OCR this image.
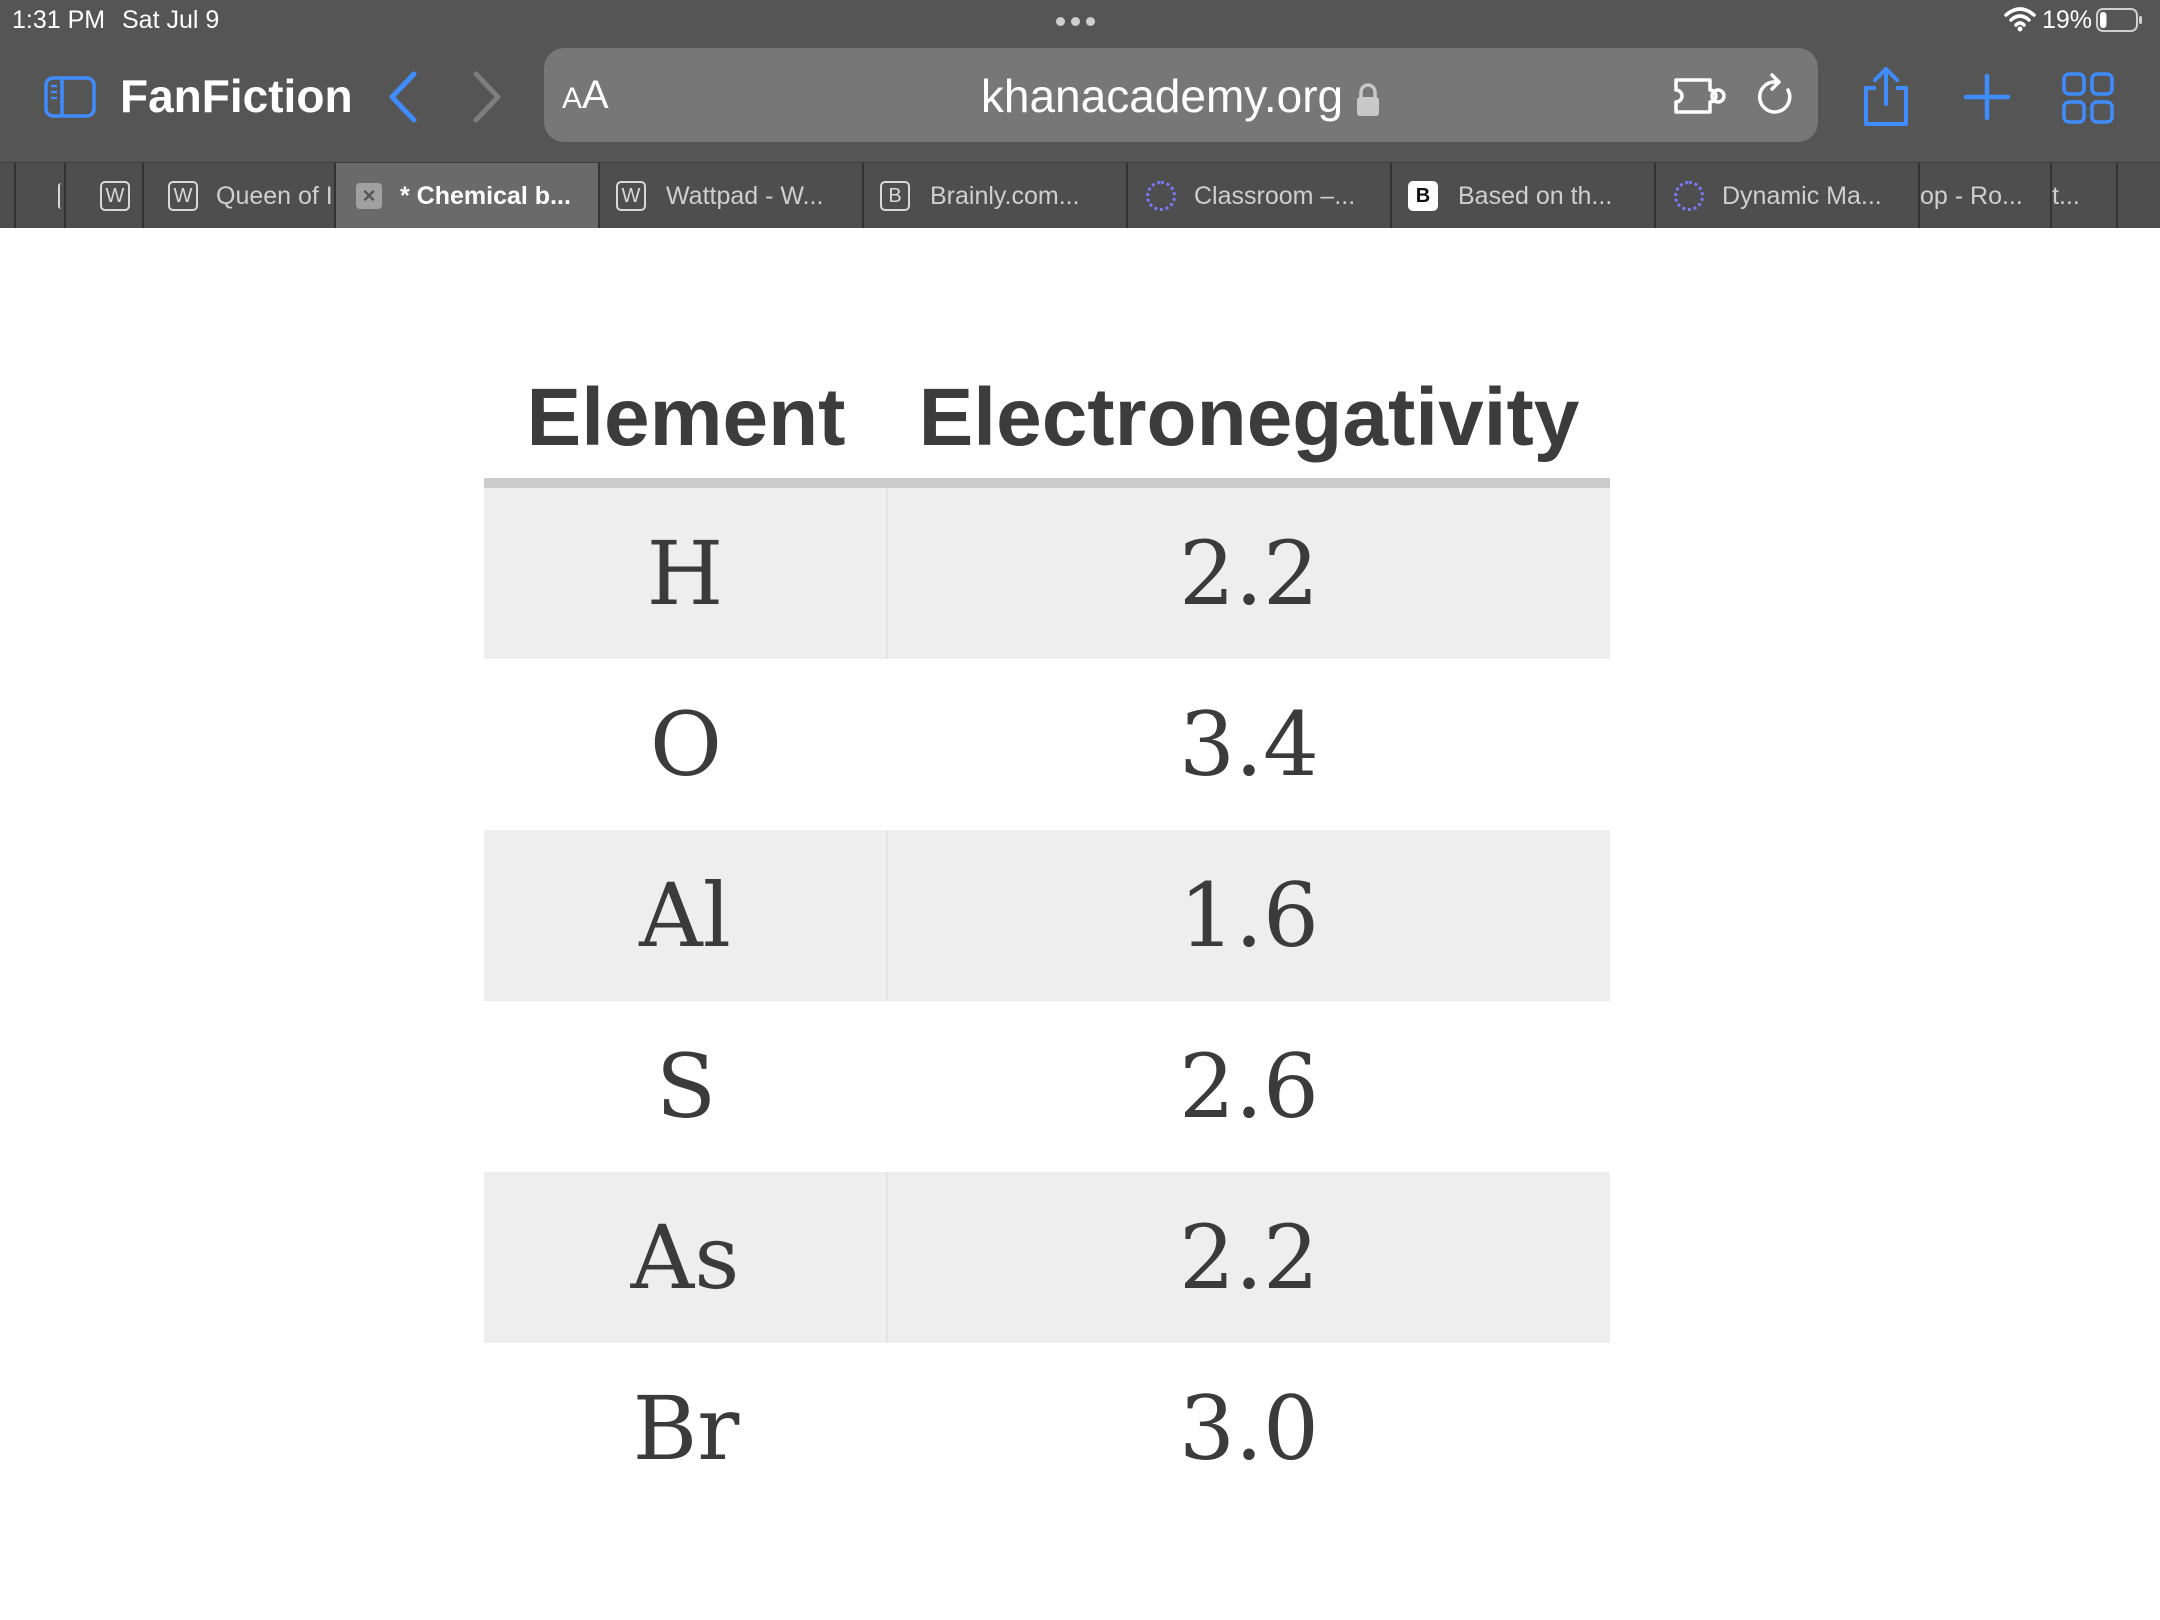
1:31 PM Sat Jul 9	19%
FanFiction	AA	khanacademy.org
W W Queen of I × * Chemical b...	W Wattpad - W...	B	Brainly.com...	Classroom –...	B	Based on th...	Dynamic Ma... op - Ro... t...
Element Electronegativity
H	2.2
O	3.4
Al	1.6
S	2.6
As	2.2
Br	3.0
